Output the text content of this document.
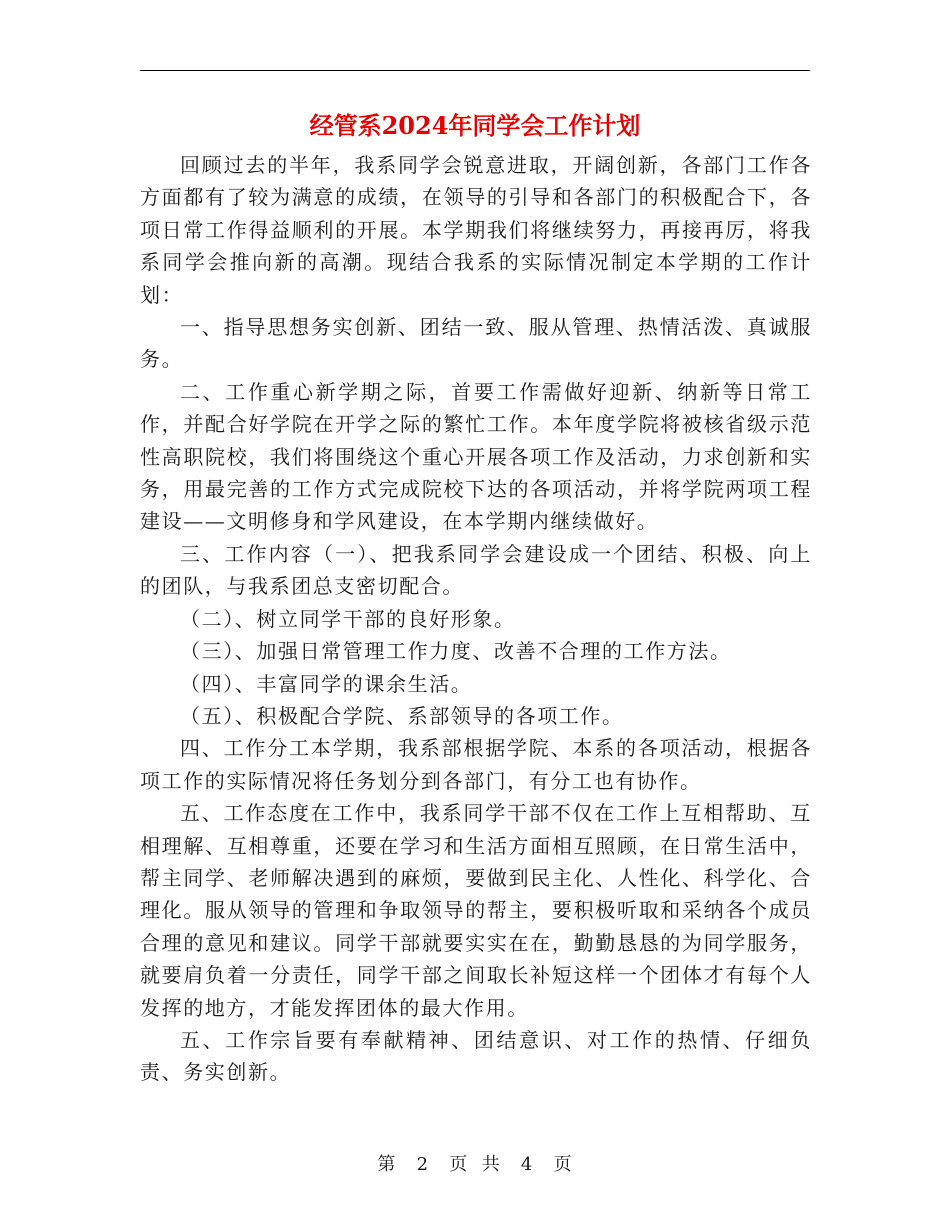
经管系2024年同学会工作计划

回顾过去的半年，我系同学会锐意进取，开阔创新，各部门工作各方面都有了较为满意的成绩，在领导的引导和各部门的积极配合下，各项日常工作得益顺利的开展。本学期我们将继续努力，再接再厉，将我系同学会推向新的高潮。现结合我系的实际情况制定本学期的工作计划：

一、指导思想务实创新、团结一致、服从管理、热情活泼、真诚服务。

二、工作重心新学期之际，首要工作需做好迎新、纳新等日常工作，并配合好学院在开学之际的繁忙工作。本年度学院将被核省级示范性高职院校，我们将围绕这个重心开展各项工作及活动，力求创新和实务，用最完善的工作方式完成院校下达的各项活动，并将学院两项工程建设——文明修身和学风建设，在本学期内继续做好。

三、工作内容（一）、把我系同学会建设成一个团结、积极、向上的团队，与我系团总支密切配合。

（二）、树立同学干部的良好形象。

（三）、加强日常管理工作力度、改善不合理的工作方法。

（四）、丰富同学的课余生活。

（五）、积极配合学院、系部领导的各项工作。

四、工作分工本学期，我系部根据学院、本系的各项活动，根据各项工作的实际情况将任务划分到各部门，有分工也有协作。

五、工作态度在工作中，我系同学干部不仅在工作上互相帮助、互相理解、互相尊重，还要在学习和生活方面相互照顾，在日常生活中，帮主同学、老师解决遇到的麻烦，要做到民主化、人性化、科学化、合理化。服从领导的管理和争取领导的帮主，要积极听取和采纳各个成员合理的意见和建议。同学干部就要实实在在，勤勤恳恳的为同学服务，就要肩负着一分责任，同学干部之间取长补短这样一个团体才有每个人发挥的地方，才能发挥团体的最大作用。

五、工作宗旨要有奉献精神、团结意识、对工作的热情、仔细负责、务实创新。

第 2 页  共 4 页
